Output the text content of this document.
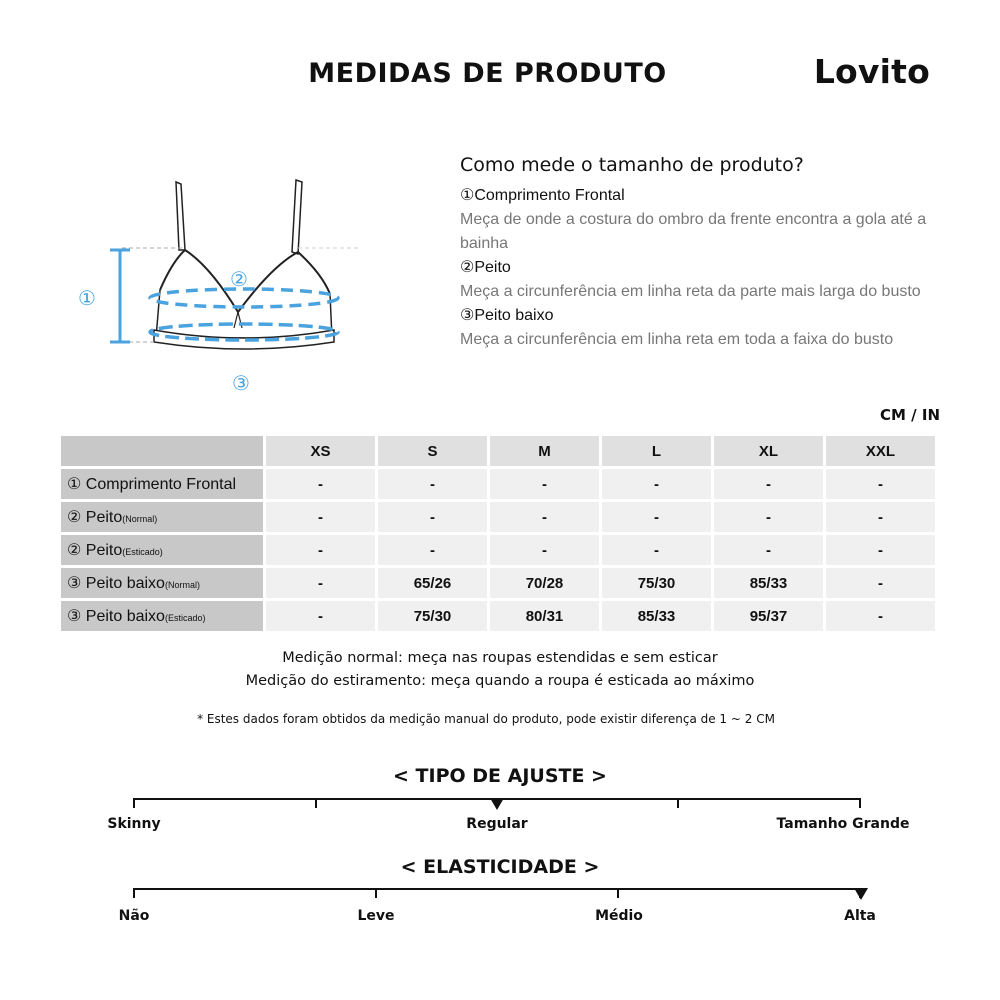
MEDIDAS DE PRODUTO	Lovito
①
②
③
Como mede o tamanho de produto?
①Comprimento Frontal
Meça de onde a costura do ombro da frente encontra a gola até a bainha
②Peito
Meça a circunferência em linha reta da parte mais larga do busto
③Peito baixo
Meça a circunferência em linha reta em toda a faixa do busto
CM / IN
	XS	S	M	L	XL	XXL
① Comprimento Frontal	-	-	-	-	-	-
② Peito(Normal)	-	-	-	-	-	-
② Peito(Esticado)	-	-	-	-	-	-
③ Peito baixo(Normal)	-	65/26	70/28	75/30	85/33	-
③ Peito baixo(Esticado)	-	75/30	80/31	85/33	95/37	-
Medição normal: meça nas roupas estendidas e sem esticar
Medição do estiramento: meça quando a roupa é esticada ao máximo
* Estes dados foram obtidos da medição manual do produto, pode existir diferença de 1 ~ 2 CM
< TIPO DE AJUSTE >
Skinny	Regular	Tamanho Grande
< ELASTICIDADE >
Não	Leve	Médio	Alta
